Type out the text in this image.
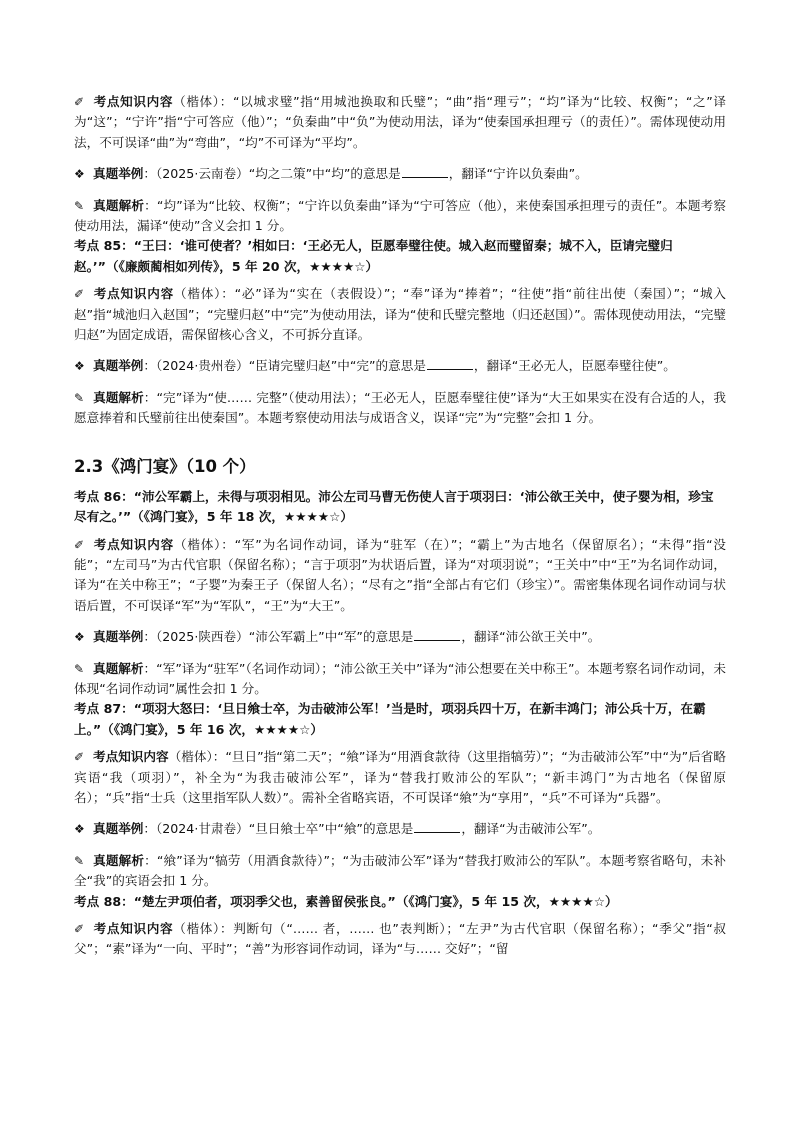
✐ 考点知识内容（楷体）：“以城求璧”指“用城池换取和氏璧”；“曲”指“理亏”；“均”译为“比较、权衡”；“之”译为“这”；“宁许”指“宁可答应（他）”；“负秦曲”中“负”为使动用法，译为“使秦国承担理亏（的责任）”。需体现使动用法，不可误译“曲”为“弯曲”，“均”不可译为“平均”。

❖ 真题举例：（2025·云南卷）“均之二策”中“均”的意思是	，翻译“宁许以负秦曲”。

✎ 真题解析：“均”译为“比较、权衡”；“宁许以负秦曲”译为“宁可答应（他），来使秦国承担理亏的责任”。本题考察使动用法，漏译“使动”含义会扣 1 分。

考点 85：“王曰：‘谁可使者？’相如曰：‘王必无人，臣愿奉璧往使。城入赵而璧留秦；城不入，臣请完璧归赵。’”（《廉颇蔺相如列传》，5 年 20 次，★★★★☆）

✐ 考点知识内容（楷体）：“必”译为“实在（表假设）”；“奉”译为“捧着”；“往使”指“前往出使（秦国）”；“城入赵”指“城池归入赵国”；“完璧归赵”中“完”为使动用法，译为“使和氏璧完整地（归还赵国）”。需体现使动用法，“完璧归赵”为固定成语，需保留核心含义，不可拆分直译。

❖ 真题举例：（2024·贵州卷）“臣请完璧归赵”中“完”的意思是	，翻译“王必无人，臣愿奉璧往使”。

✎ 真题解析：“完”译为“使…… 完整”（使动用法）；“王必无人，臣愿奉璧往使”译为“大王如果实在没有合适的人，我愿意捧着和氏璧前往出使秦国”。本题考察使动用法与成语含义，误译“完”为“完整”会扣 1 分。

2.3《鸿门宴》（10 个）

考点 86：“沛公军霸上，未得与项羽相见。沛公左司马曹无伤使人言于项羽曰：‘沛公欲王关中，使子婴为相，珍宝尽有之。’”（《鸿门宴》，5 年 18 次，★★★★☆）

✐ 考点知识内容（楷体）：“军”为名词作动词，译为“驻军（在）”；“霸上”为古地名（保留原名）；“未得”指“没能”；“左司马”为古代官职（保留名称）；“言于项羽”为状语后置，译为“对项羽说”；“王关中”中“王”为名词作动词，译为“在关中称王”；“子婴”为秦王子（保留人名）；“尽有之”指“全部占有它们（珍宝）”。需密集体现名词作动词与状语后置，不可误译“军”为“军队”，“王”为“大王”。

❖ 真题举例：（2025·陕西卷）“沛公军霸上”中“军”的意思是	，翻译“沛公欲王关中”。

✎ 真题解析：“军”译为“驻军”（名词作动词）；“沛公欲王关中”译为“沛公想要在关中称王”。本题考察名词作动词，未体现“名词作动词”属性会扣 1 分。

考点 87：“项羽大怒曰：‘旦日飨士卒，为击破沛公军！’当是时，项羽兵四十万，在新丰鸿门；沛公兵十万，在霸上。”（《鸿门宴》，5 年 16 次，★★★★☆）

✐ 考点知识内容（楷体）：“旦日”指“第二天”；“飨”译为“用酒食款待（这里指犒劳）”；“为击破沛公军”中“为”后省略宾语“我（项羽）”，补全为“为我击破沛公军”，译为“替我打败沛公的军队”；“新丰鸿门”为古地名（保留原名）；“兵”指“士兵（这里指军队人数）”。需补全省略宾语，不可误译“飨”为“享用”，“兵”不可译为“兵器”。

❖ 真题举例：（2024·甘肃卷）“旦日飨士卒”中“飨”的意思是	，翻译“为击破沛公军”。

✎ 真题解析：“飨”译为“犒劳（用酒食款待）”；“为击破沛公军”译为“替我打败沛公的军队”。本题考察省略句，未补全“我”的宾语会扣 1 分。

考点 88：“楚左尹项伯者，项羽季父也，素善留侯张良。”（《鸿门宴》，5 年 15 次，★★★★☆）

✐ 考点知识内容（楷体）：判断句（“…… 者，…… 也”表判断）；“左尹”为古代官职（保留名称）；“季父”指“叔父”；“素”译为“一向、平时”；“善”为形容词作动词，译为“与…… 交好”；“留
